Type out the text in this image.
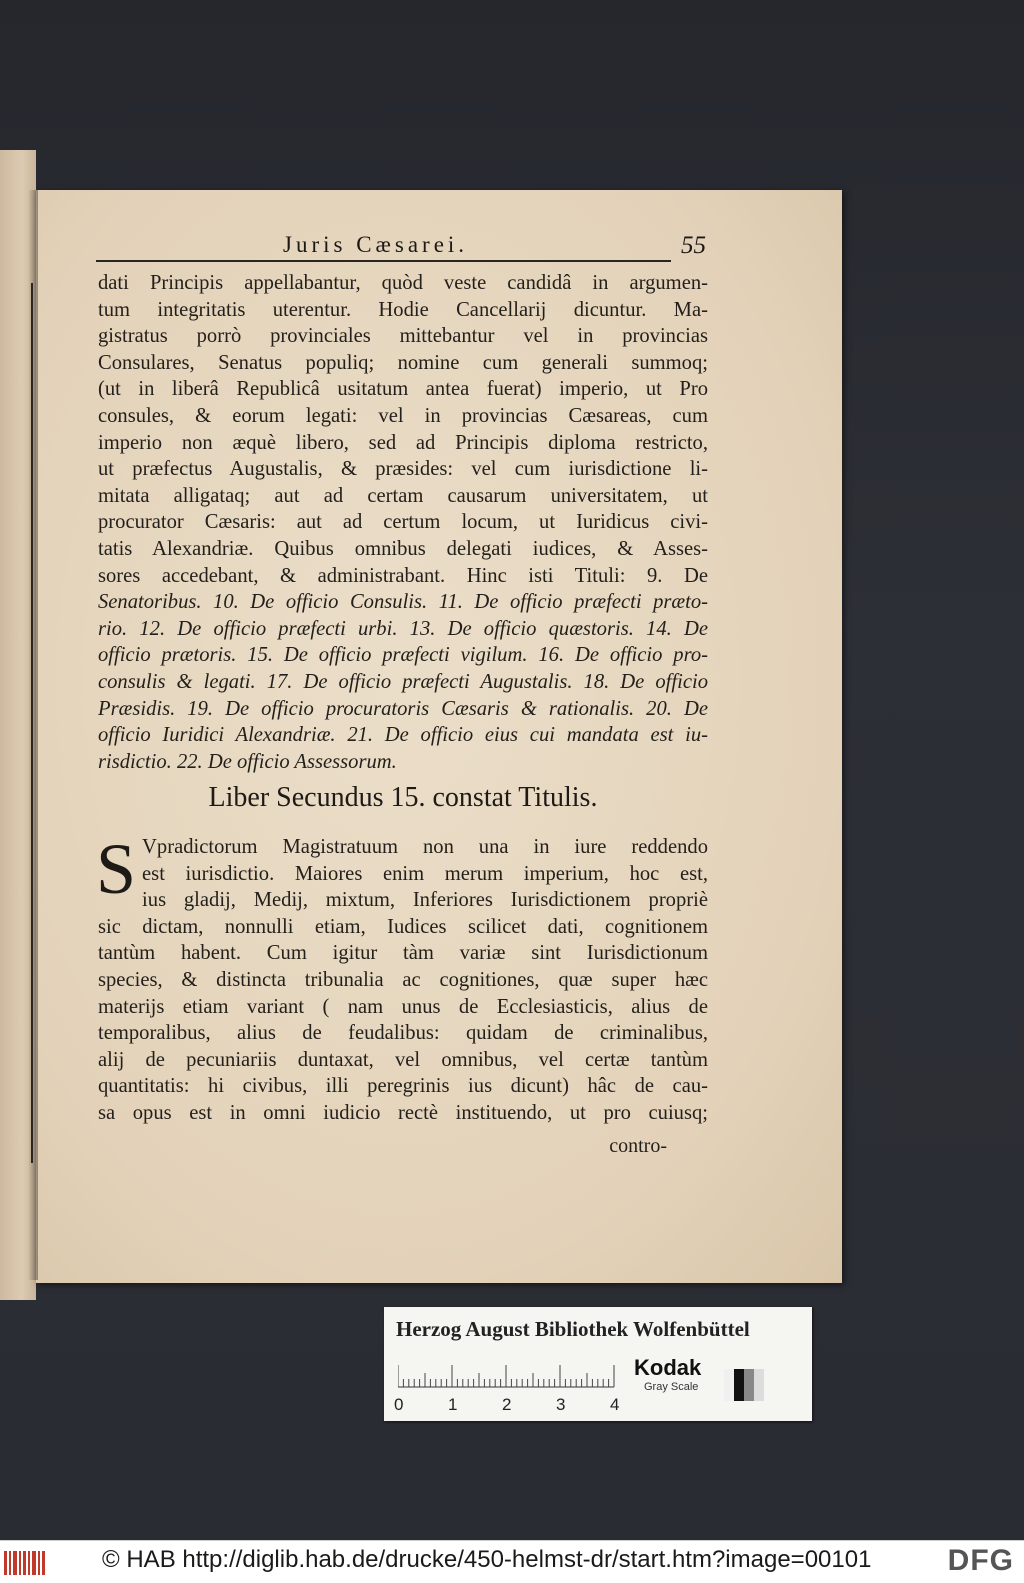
Juris Cæsarei.	55
dati Principis appellabantur, quòd veste candidâ in argumen-
tum integritatis uterentur. Hodie Cancellarij dicuntur. Ma-
gistratus porrò provinciales mittebantur vel in provincias
Consulares, Senatus populiq; nomine cum generali summoq;
(ut in liberâ Republicâ usitatum antea fuerat) imperio, ut Pro
consules, & eorum legati: vel in provincias Cæsareas, cum
imperio non æquè libero, sed ad Principis diploma restricto,
ut præfectus Augustalis, & præsides: vel cum iurisdictione li-
mitata alligataq; aut ad certam causarum universitatem, ut
procurator Cæsaris: aut ad certum locum, ut Iuridicus civi-
tatis Alexandriæ. Quibus omnibus delegati iudices, & Asses-
sores accedebant, & administrabant. Hinc isti Tituli: 9. De
Senatoribus. 10. De officio Consulis. 11. De officio præfecti præto-
rio. 12. De officio præfecti urbi. 13. De officio quæstoris. 14. De
officio prætoris. 15. De officio præfecti vigilum. 16. De officio pro-
consulis & legati. 17. De officio præfecti Augustalis. 18. De officio
Præsidis. 19. De officio procuratoris Cæsaris & rationalis. 20. De
officio Iuridici Alexandriæ. 21. De officio eius cui mandata est iu-
risdictio. 22. De officio Assessorum.
Liber Secundus 15. constat Titulis.
S Vpradictorum Magistratuum non una in iure reddendo
est iurisdictio. Maiores enim merum imperium, hoc est,
ius gladij, Medij, mixtum, Inferiores Iurisdictionem propriè
sic dictam, nonnulli etiam, Iudices scilicet dati, cognitionem
tantùm habent. Cum igitur tàm variæ sint Iurisdictionum
species, & distincta tribunalia ac cognitiones, quæ super hæc
materijs etiam variant ( nam unus de Ecclesiasticis, alius de
temporalibus, alius de feudalibus: quidam de criminalibus,
alij de pecuniariis duntaxat, vel omnibus, vel certæ tantùm
quantitatis: hi civibus, illi peregrinis ius dicunt) hâc de cau-
sa opus est in omni iudicio rectè instituendo, ut pro cuiusq;
contro-
Herzog August Bibliothek Wolfenbüttel
0	1	2	3	4
Kodak
Gray Scale
© HAB http://diglib.hab.de/drucke/450-helmst-dr/start.htm?image=00101	DFG
